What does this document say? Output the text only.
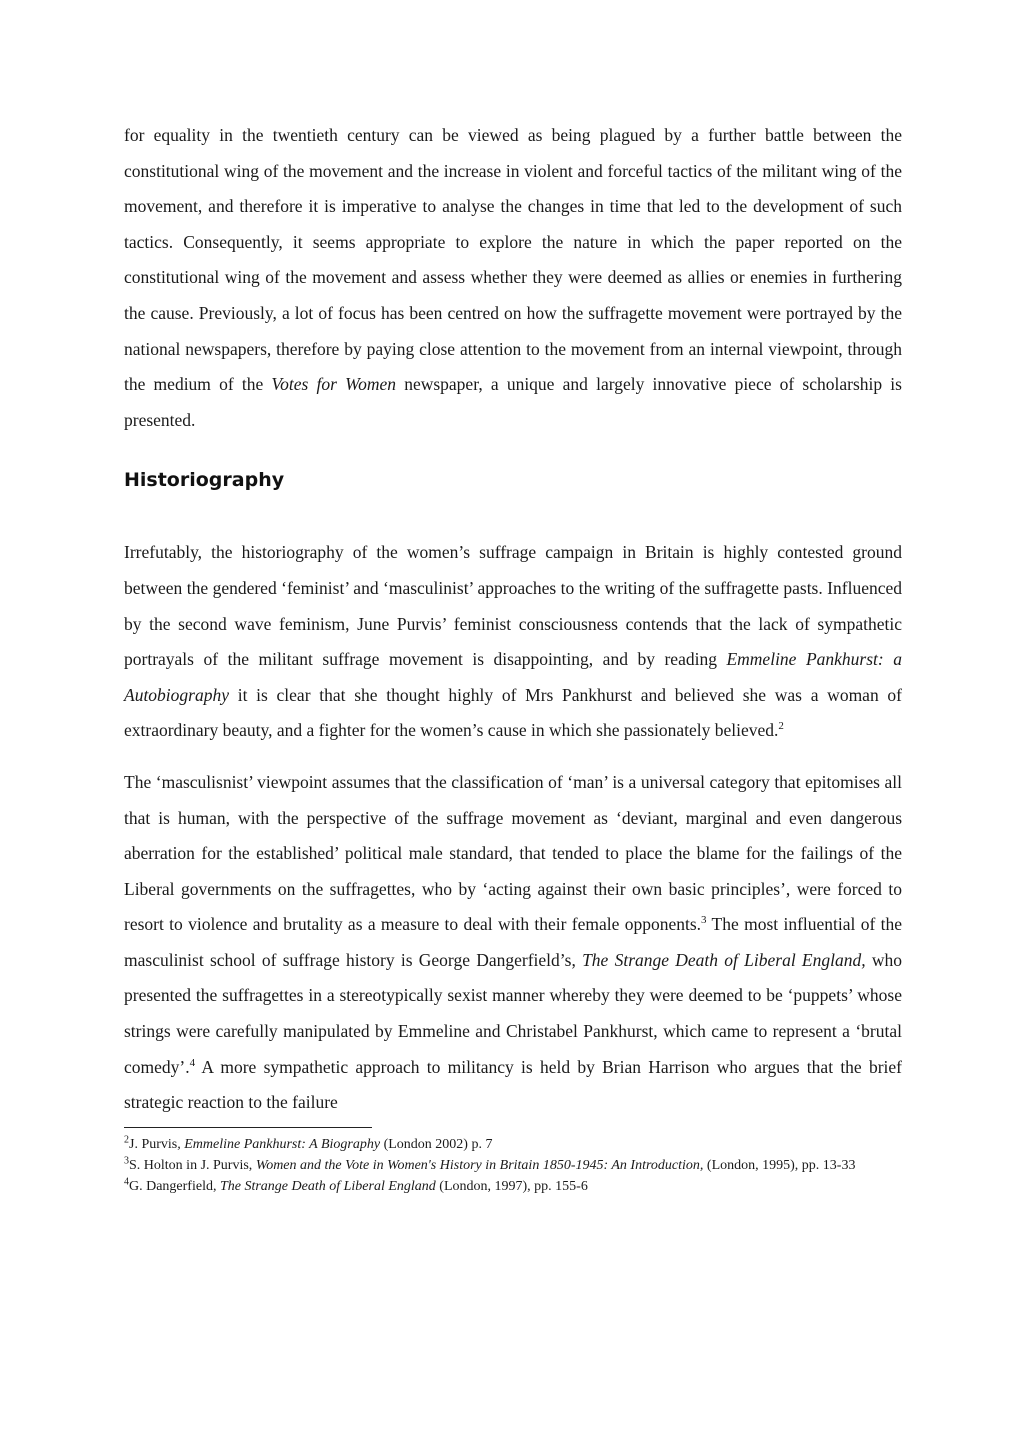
for equality in the twentieth century can be viewed as being plagued by a further battle between the constitutional wing of the movement and the increase in violent and forceful tactics of the militant wing of the movement, and therefore it is imperative to analyse the changes in time that led to the development of such tactics. Consequently, it seems appropriate to explore the nature in which the paper reported on the constitutional wing of the movement and assess whether they were deemed as allies or enemies in furthering the cause. Previously, a lot of focus has been centred on how the suffragette movement were portrayed by the national newspapers, therefore by paying close attention to the movement from an internal viewpoint, through the medium of the Votes for Women newspaper, a unique and largely innovative piece of scholarship is presented.

Historiography

Irrefutably, the historiography of the women’s suffrage campaign in Britain is highly contested ground between the gendered ‘feminist’ and ‘masculinist’ approaches to the writing of the suffragette pasts. Influenced by the second wave feminism, June Purvis’ feminist consciousness contends that the lack of sympathetic portrayals of the militant suffrage movement is disappointing, and by reading Emmeline Pankhurst: a Autobiography it is clear that she thought highly of Mrs Pankhurst and believed she was a woman of extraordinary beauty, and a fighter for the women’s cause in which she passionately believed.$^2$

The ‘masculisnist’ viewpoint assumes that the classification of ‘man’ is a universal category that epitomises all that is human, with the perspective of the suffrage movement as ‘deviant, marginal and even dangerous aberration for the established’ political male standard, that tended to place the blame for the failings of the Liberal governments on the suffragettes, who by ‘acting against their own basic principles’, were forced to resort to violence and brutality as a measure to deal with their female opponents.$^3$ The most influential of the masculinist school of suffrage history is George Dangerfield’s, The Strange Death of Liberal England, who presented the suffragettes in a stereotypically sexist manner whereby they were deemed to be ‘puppets’ whose strings were carefully manipulated by Emmeline and Christabel Pankhurst, which came to represent a ‘brutal comedy’.$^4$ A more sympathetic approach to militancy is held by Brian Harrison who argues that the brief strategic reaction to the failure

$^2$J. Purvis, Emmeline Pankhurst: A Biography (London 2002) p. 7

$^3$S. Holton in J. Purvis, Women and the Vote in Women's History in Britain 1850-1945: An Introduction, (London, 1995), pp. 13-33

$^4$G. Dangerfield, The Strange Death of Liberal England (London, 1997), pp. 155-6
